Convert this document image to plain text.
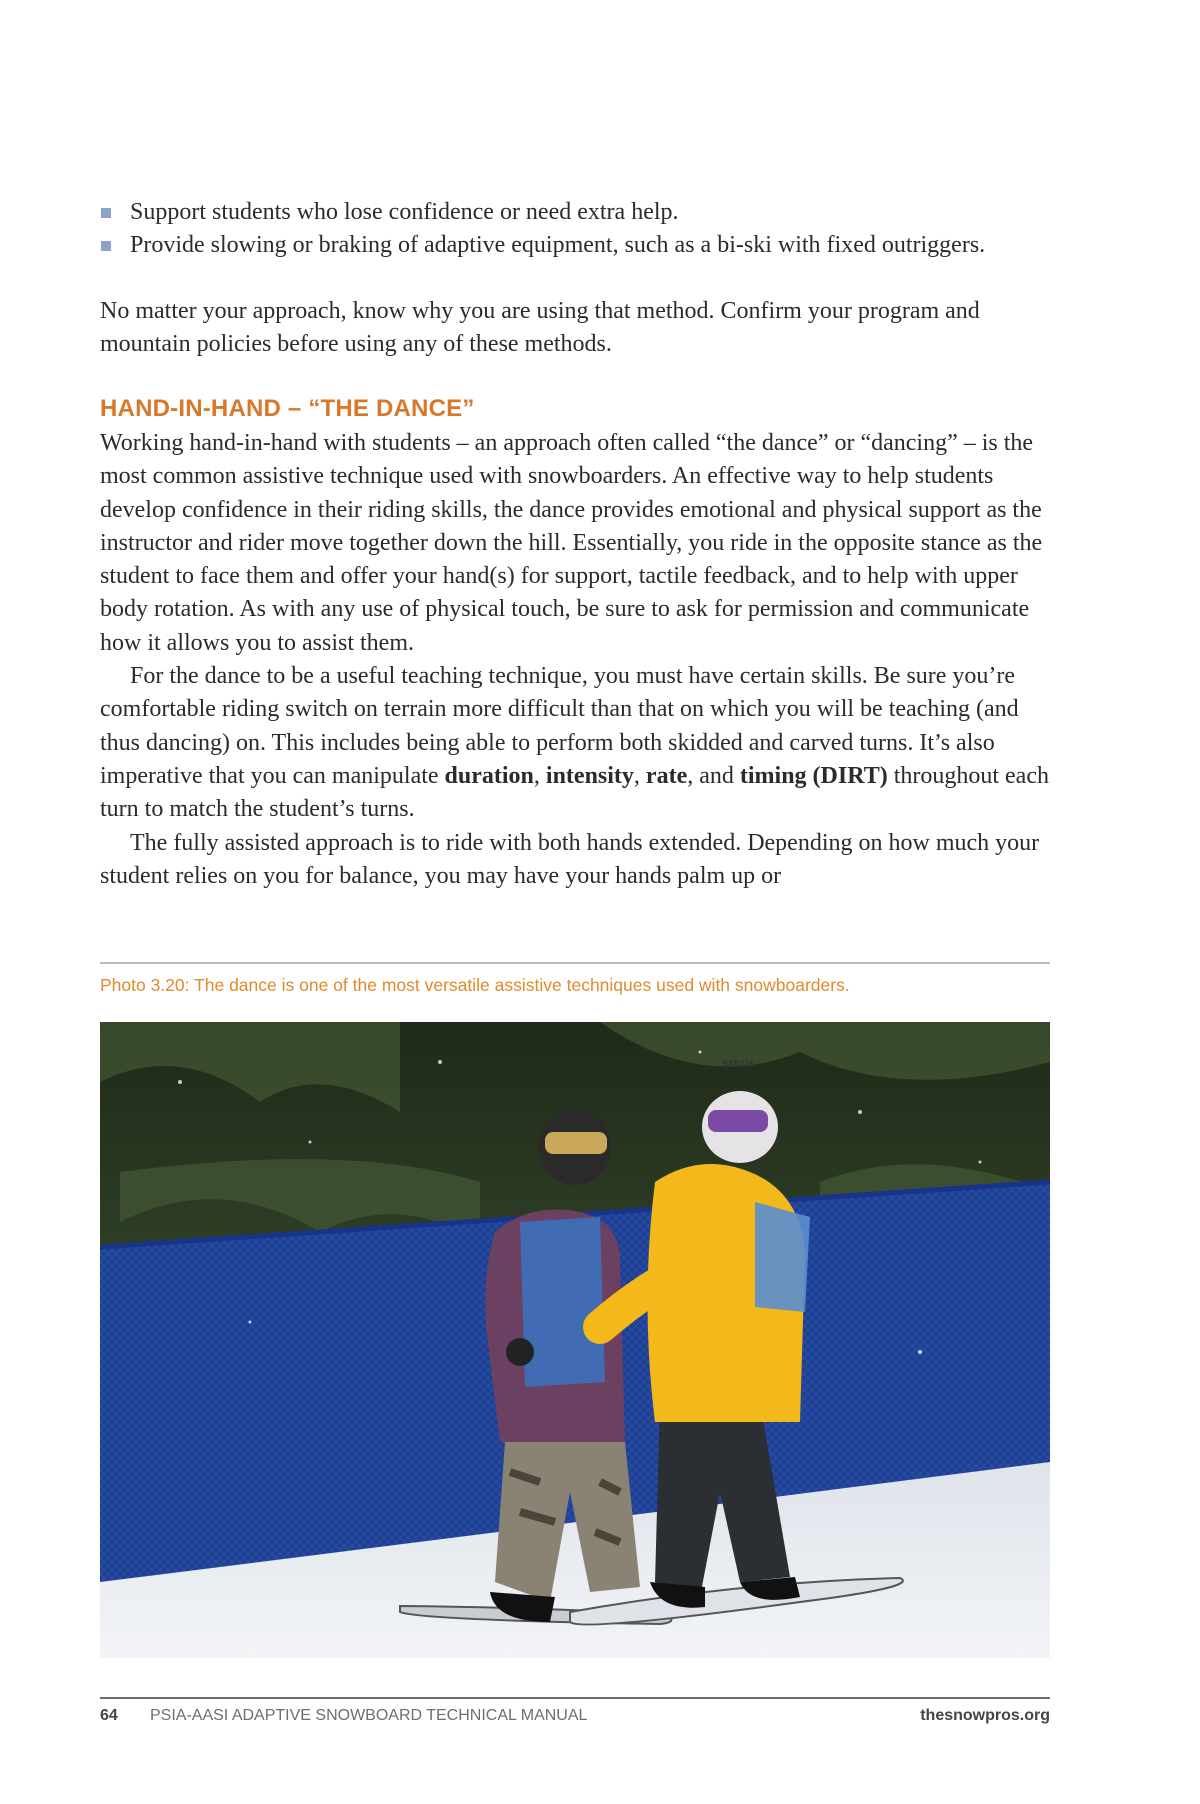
Support students who lose confidence or need extra help.
Provide slowing or braking of adaptive equipment, such as a bi-ski with fixed outriggers.

No matter your approach, know why you are using that method. Confirm your program and mountain policies before using any of these methods.

HAND-IN-HAND – “THE DANCE”

Working hand-in-hand with students – an approach often called “the dance” or “dancing” – is the most common assistive technique used with snowboarders. An effective way to help students develop confidence in their riding skills, the dance provides emotional and physical support as the instructor and rider move together down the hill. Essentially, you ride in the opposite stance as the student to face them and offer your hand(s) for support, tactile feedback, and to help with upper body rotation. As with any use of physical touch, be sure to ask for permission and communicate how it allows you to assist them.

For the dance to be a useful teaching technique, you must have certain skills. Be sure you’re comfortable riding switch on terrain more difficult than that on which you will be teaching (and thus dancing) on. This includes being able to perform both skidded and carved turns. It’s also imperative that you can manipulate duration, intensity, rate, and timing (DIRT) throughout each turn to match the student’s turns.

The fully assisted approach is to ride with both hands extended. Depending on how much your student relies on you for balance, you may have your hands palm up or

Photo 3.20: The dance is one of the most versatile assistive techniques used with snowboarders.
SMITH
64 PSIA-AASI ADAPTIVE SNOWBOARD TECHNICAL MANUAL	thesnowpros.org
